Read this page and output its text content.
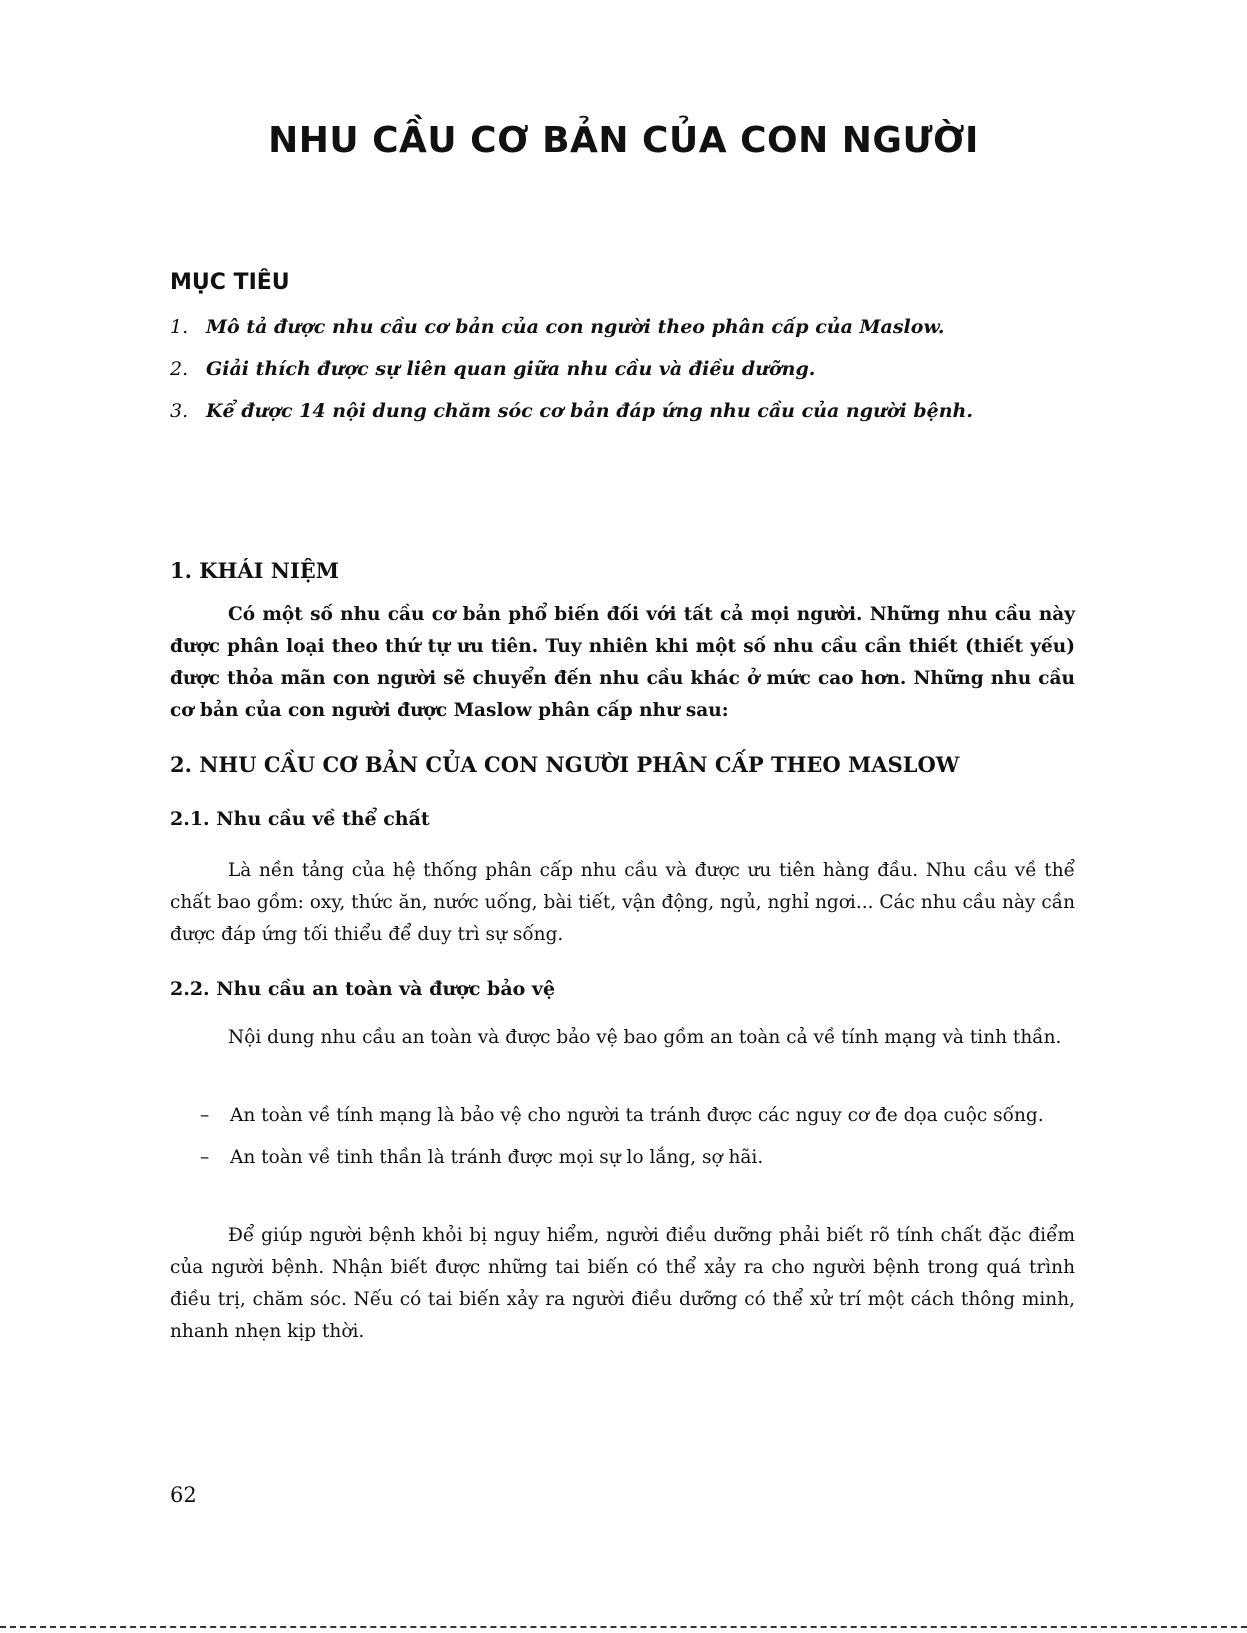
NHU CẦU CƠ BẢN CỦA CON NGƯỜI
MỤC TIÊU
1. Mô tả được nhu cầu cơ bản của con người theo phân cấp của Maslow.
2. Giải thích được sự liên quan giữa nhu cầu và điều dưỡng.
3. Kể được 14 nội dung chăm sóc cơ bản đáp ứng nhu cầu của người bệnh.
1. KHÁI NIỆM

Có một số nhu cầu cơ bản phổ biến đối với tất cả mọi người. Những nhu cầu này được phân loại theo thứ tự ưu tiên. Tuy nhiên khi một số nhu cầu cần thiết (thiết yếu) được thỏa mãn con người sẽ chuyển đến nhu cầu khác ở mức cao hơn. Những nhu cầu cơ bản của con người được Maslow phân cấp như sau:

2. NHU CẦU CƠ BẢN CỦA CON NGƯỜI PHÂN CẤP THEO MASLOW
2.1. Nhu cầu về thể chất

Là nền tảng của hệ thống phân cấp nhu cầu và được ưu tiên hàng đầu. Nhu cầu về thể chất bao gồm: oxy, thức ăn, nước uống, bài tiết, vận động, ngủ, nghỉ ngơi... Các nhu cầu này cần được đáp ứng tối thiểu để duy trì sự sống.

2.2. Nhu cầu an toàn và được bảo vệ

Nội dung nhu cầu an toàn và được bảo vệ bao gồm an toàn cả về tính mạng và tinh thần.

– An toàn về tính mạng là bảo vệ cho người ta tránh được các nguy cơ đe dọa cuộc sống.
– An toàn về tinh thần là tránh được mọi sự lo lắng, sợ hãi.

Để giúp người bệnh khỏi bị nguy hiểm, người điều dưỡng phải biết rõ tính chất đặc điểm của người bệnh. Nhận biết được những tai biến có thể xảy ra cho người bệnh trong quá trình điều trị, chăm sóc. Nếu có tai biến xảy ra người điều dưỡng có thể xử trí một cách thông minh, nhanh nhẹn kịp thời.

62
